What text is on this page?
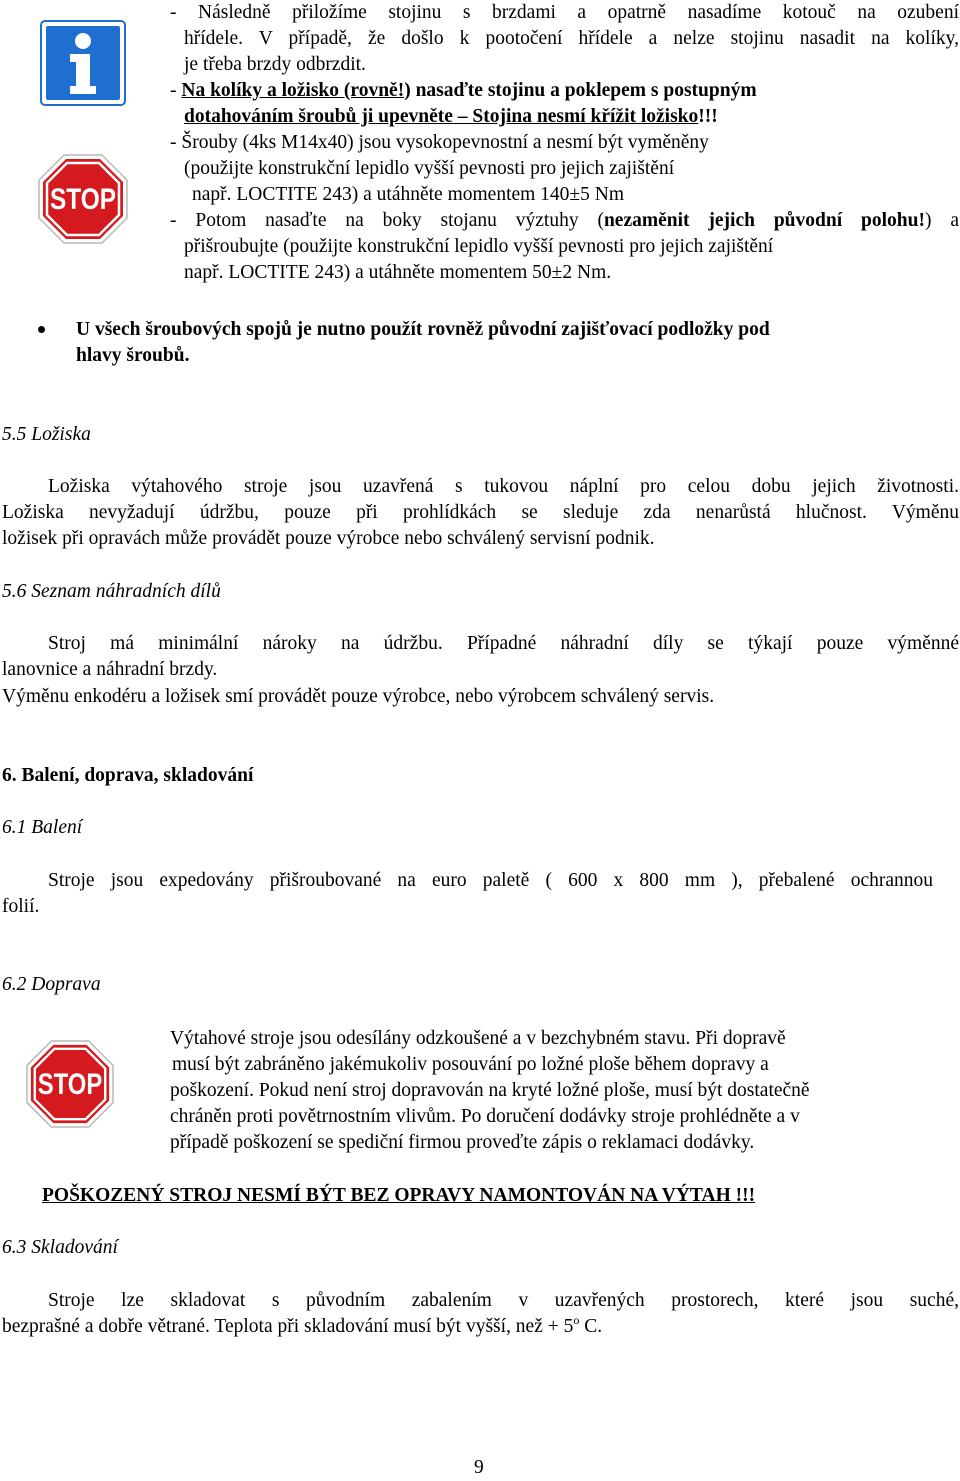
STOP
- Následně přiložíme stojinu s brzdami a opatrně nasadíme kotouč na ozubení
hřídele. V případě, že došlo k pootočení hřídele a nelze stojinu nasadit na kolíky,
je třeba brzdy odbrzdit.
- Na kolíky a ložisko (rovně!) nasaďte stojinu a poklepem s postupným
dotahováním šroubů ji upevněte – Stojina nesmí křížit ložisko!!!
- Šrouby (4ks M14x40) jsou vysokopevnostní a nesmí být vyměněny
(použijte konstrukční lepidlo vyšší pevnosti pro jejich zajištění
např. LOCTITE 243) a utáhněte momentem 140±5 Nm
- Potom nasaďte na boky stojanu výztuhy (nezaměnit jejich původní polohu!) a
přišroubujte (použijte konstrukční lepidlo vyšší pevnosti pro jejich zajištění
např. LOCTITE 243) a utáhněte momentem 50±2 Nm.
U všech šroubových spojů je nutno použít rovněž původní zajišťovací podložky pod
hlavy šroubů.
5.5 Ložiska
Ložiska výtahového stroje jsou uzavřená s tukovou náplní pro celou dobu jejich životnosti.
Ložiska nevyžadují údržbu, pouze při prohlídkách se sleduje zda nenarůstá hlučnost. Výměnu
ložisek při opravách může provádět pouze výrobce nebo schválený servisní podnik.
5.6 Seznam náhradních dílů
Stroj má minimální nároky na údržbu. Případné náhradní díly se týkají pouze výměnné
lanovnice a náhradní brzdy.
Výměnu enkodéru a ložisek smí provádět pouze výrobce, nebo výrobcem schválený servis.
6. Balení, doprava, skladování
6.1 Balení
Stroje jsou expedovány přišroubované na euro paletě ( 600 x 800 mm ), přebalené ochrannou
folií.
6.2 Doprava
STOP
Výtahové stroje jsou odesílány odzkoušené a v bezchybném stavu. Při dopravě
musí být zabráněno jakémukoliv posouvání po ložné ploše během dopravy a
poškození. Pokud není stroj dopravován na kryté ložné ploše, musí být dostatečně
chráněn proti povětrnostním vlivům. Po doručení dodávky stroje prohlédněte a v
případě poškození se spediční firmou proveďte zápis o reklamaci dodávky.
POŠKOZENÝ STROJ NESMÍ BÝT BEZ OPRAVY NAMONTOVÁN NA VÝTAH !!!
6.3 Skladování
Stroje lze skladovat s původním zabalením v uzavřených prostorech, které jsou suché,
bezprašné a dobře větrané. Teplota při skladování musí být vyšší, než + $5^o$ C.
9
